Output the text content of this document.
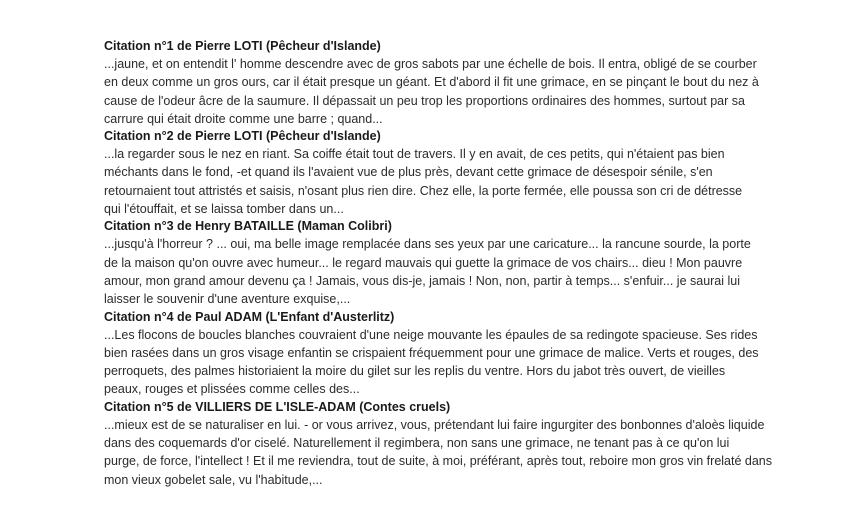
Citation n°1 de Pierre LOTI (Pêcheur d'Islande)
...jaune, et on entendit l' homme descendre avec de gros sabots par une échelle de bois. Il entra, obligé de se courber
en deux comme un gros ours, car il était presque un géant. Et d'abord il fit une grimace, en se pinçant le bout du nez à
cause de l'odeur âcre de la saumure. Il dépassait un peu trop les proportions ordinaires des hommes, surtout par sa
carrure qui était droite comme une barre ; quand...
Citation n°2 de Pierre LOTI (Pêcheur d'Islande)
...la regarder sous le nez en riant. Sa coiffe était tout de travers. Il y en avait, de ces petits, qui n'étaient pas bien
méchants dans le fond, -et quand ils l'avaient vue de plus près, devant cette grimace de désespoir sénile, s'en
retournaient tout attristés et saisis, n'osant plus rien dire. Chez elle, la porte fermée, elle poussa son cri de détresse
qui l'étouffait, et se laissa tomber dans un...
Citation n°3 de Henry BATAILLE (Maman Colibri)
...jusqu'à l'horreur ? ... oui, ma belle image remplacée dans ses yeux par une caricature... la rancune sourde, la porte
de la maison qu'on ouvre avec humeur... le regard mauvais qui guette la grimace de vos chairs... dieu ! Mon pauvre
amour, mon grand amour devenu ça ! Jamais, vous dis-je, jamais ! Non, non, partir à temps... s'enfuir... je saurai lui
laisser le souvenir d'une aventure exquise,...
Citation n°4 de Paul ADAM (L'Enfant d'Austerlitz)
...Les flocons de boucles blanches couvraient d'une neige mouvante les épaules de sa redingote spacieuse. Ses rides
bien rasées dans un gros visage enfantin se crispaient fréquemment pour une grimace de malice. Verts et rouges, des
perroquets, des palmes historiaient la moire du gilet sur les replis du ventre. Hors du jabot très ouvert, de vieilles
peaux, rouges et plissées comme celles des...
Citation n°5 de VILLIERS DE L'ISLE-ADAM (Contes cruels)
...mieux est de se naturaliser en lui. - or vous arrivez, vous, prétendant lui faire ingurgiter des bonbonnes d'aloès liquide
dans des coquemards d'or ciselé. Naturellement il regimbera, non sans une grimace, ne tenant pas à ce qu'on lui
purge, de force, l'intellect ! Et il me reviendra, tout de suite, à moi, préférant, après tout, reboire mon gros vin frelaté dans
mon vieux gobelet sale, vu l'habitude,...
